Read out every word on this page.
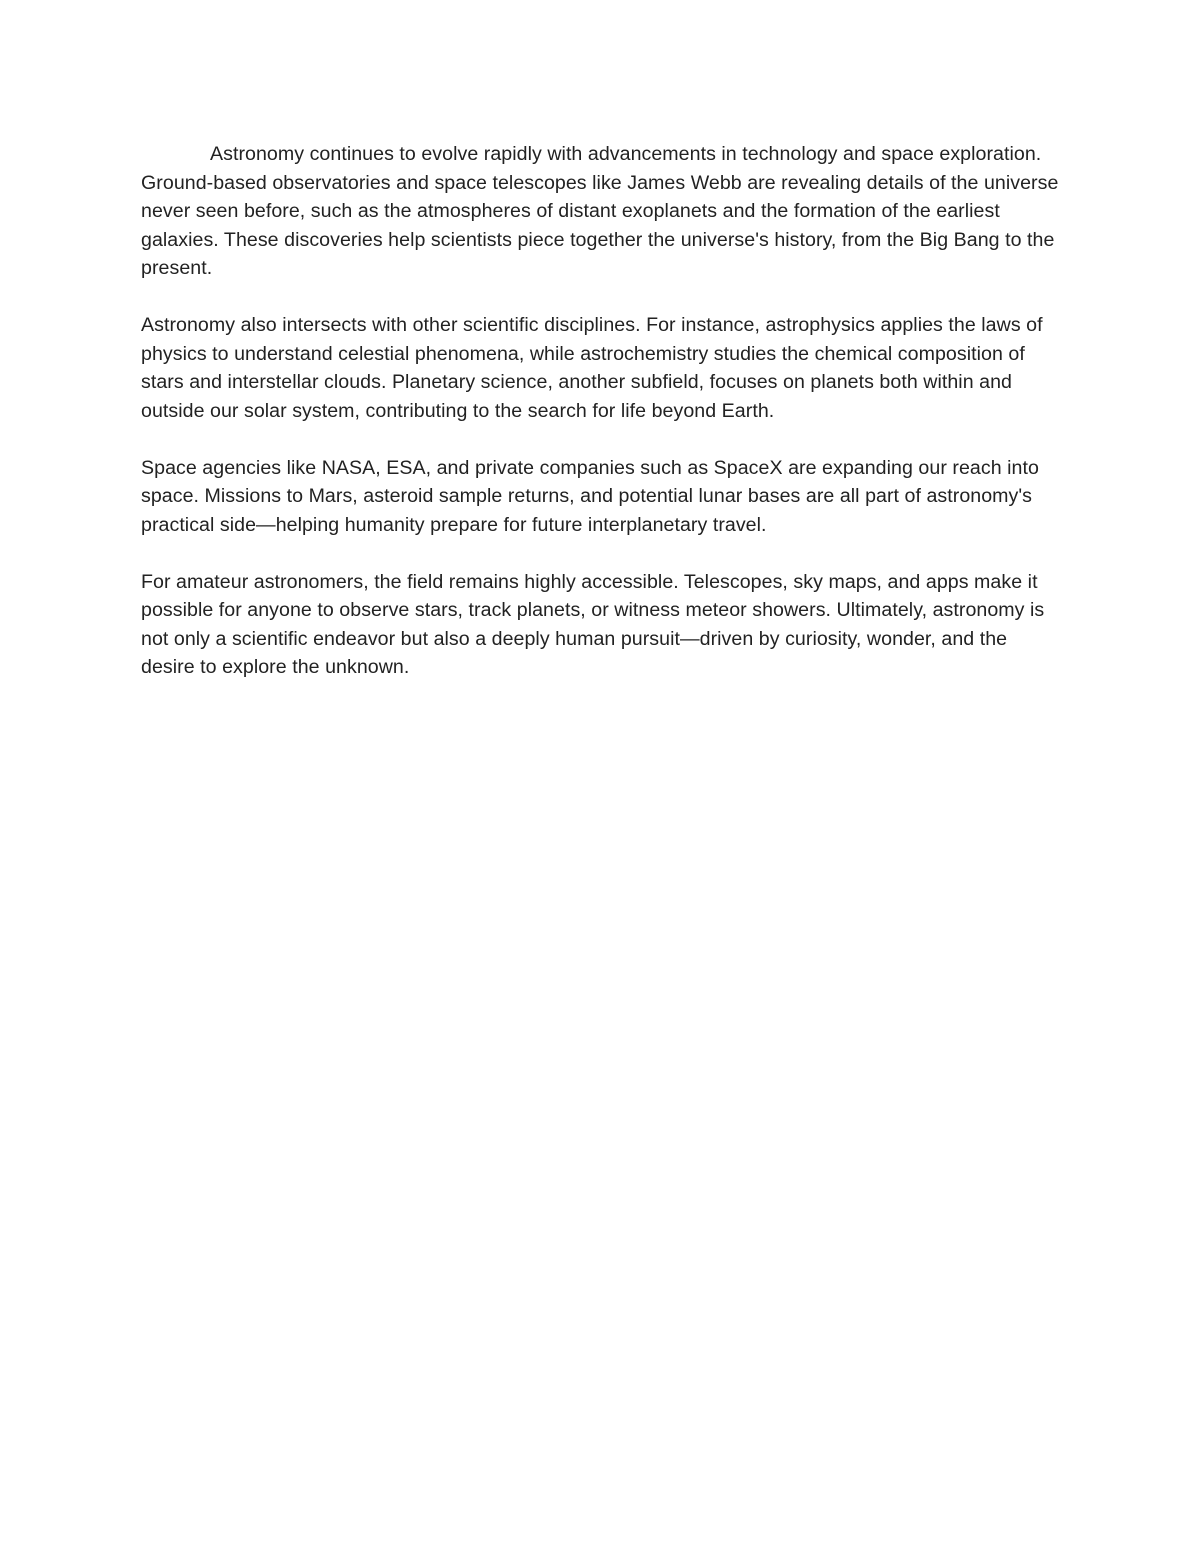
Astronomy continues to evolve rapidly with advancements in technology and space exploration. Ground-based observatories and space telescopes like James Webb are revealing details of the universe never seen before, such as the atmospheres of distant exoplanets and the formation of the earliest galaxies. These discoveries help scientists piece together the universe's history, from the Big Bang to the present.

Astronomy also intersects with other scientific disciplines. For instance, astrophysics applies the laws of physics to understand celestial phenomena, while astrochemistry studies the chemical composition of stars and interstellar clouds. Planetary science, another subfield, focuses on planets both within and outside our solar system, contributing to the search for life beyond Earth.

Space agencies like NASA, ESA, and private companies such as SpaceX are expanding our reach into space. Missions to Mars, asteroid sample returns, and potential lunar bases are all part of astronomy's practical side—helping humanity prepare for future interplanetary travel.

For amateur astronomers, the field remains highly accessible. Telescopes, sky maps, and apps make it possible for anyone to observe stars, track planets, or witness meteor showers. Ultimately, astronomy is not only a scientific endeavor but also a deeply human pursuit—driven by curiosity, wonder, and the desire to explore the unknown.
